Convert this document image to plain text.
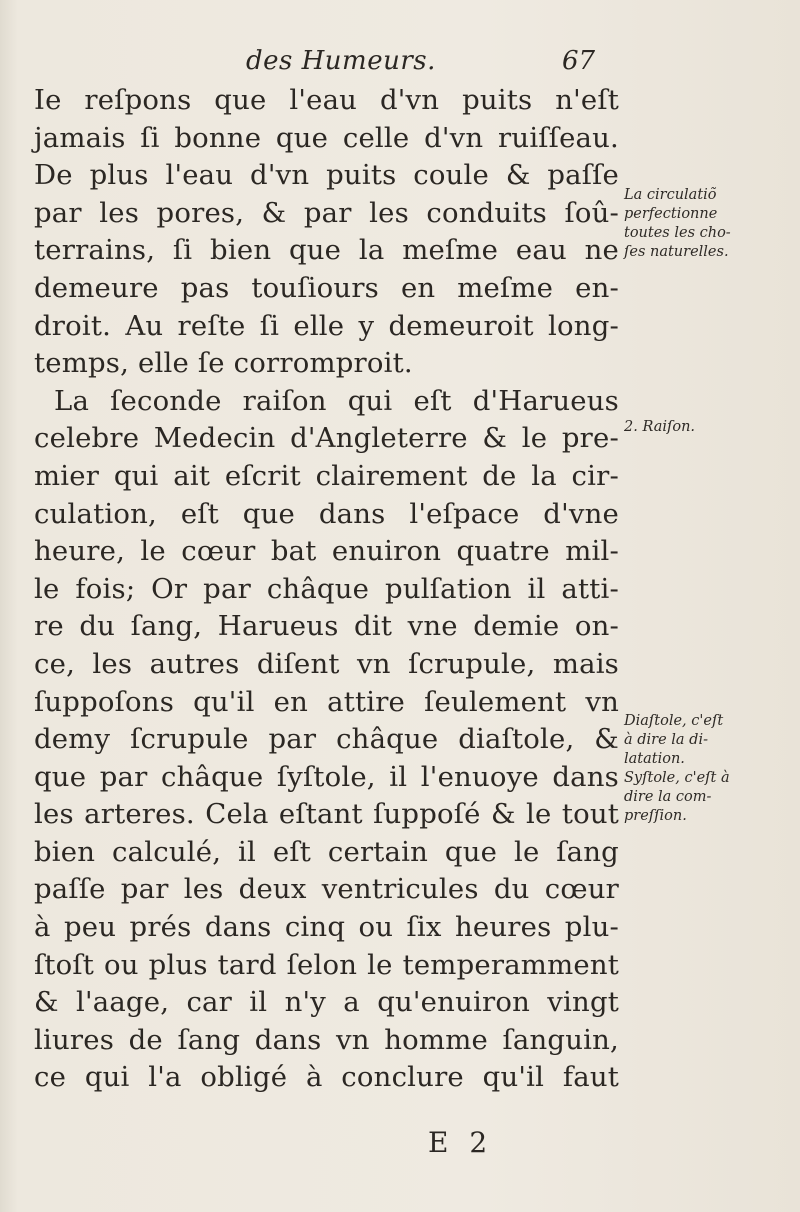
des Humeurs.	67
Ie reſpons que l'eau d'vn puits n'eſt
jamais ſi bonne que celle d'vn ruiſſeau.
De plus l'eau d'vn puits coule & paſſe
par les pores, & par les conduits ſoû-
terrains, ſi bien que la meſme eau ne
demeure pas touſiours en meſme en-
droit. Au reſte ſi elle y demeuroit long-
temps, elle ſe corromproit.
La ſeconde raiſon qui eſt d'Harueus
celebre Medecin d'Angleterre & le pre-
mier qui ait eſcrit clairement de la cir-
culation, eſt que dans l'eſpace d'vne
heure, le cœur bat enuiron quatre mil-
le fois; Or par châque pulſation il atti-
re du ſang, Harueus dit vne demie on-
ce, les autres diſent vn ſcrupule, mais
ſuppoſons qu'il en attire ſeulement vn
demy ſcrupule par châque diaſtole, &
que par châque ſyſtole, il l'enuoye dans
les arteres. Cela eſtant ſuppoſé & le tout
bien calculé, il eſt certain que le ſang
paſſe par les deux ventricules du cœur
à peu prés dans cinq ou ſix heures plu-
ſtoſt ou plus tard ſelon le temperamment
& l'aage, car il n'y a qu'enuiron vingt
liures de ſang dans vn homme ſanguin,
ce qui l'a obligé à conclure qu'il faut
La circulatiõ
perfectionne
toutes les cho-
ſes naturelles.
2. Raiſon.
Diaſtole, c'eſt
à dire la di-
latation.
Syſtole, c'eſt à
dire la com-
preſſion.
E 2
